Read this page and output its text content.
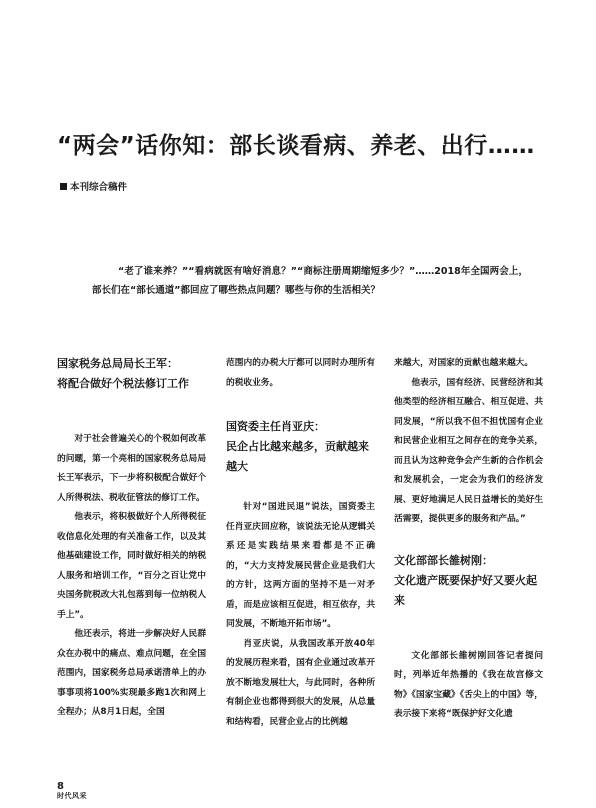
“两会”话你知：部长谈看病、养老、出行……
本刊综合稿件
“老了谁来养？”“看病就医有啥好消息？”“商标注册周期缩短多少？”……2018年全国两会上，部长们在“部长通道”都回应了哪些热点问题？哪些与你的生活相关？
国家税务总局局长王军：
将配合做好个税法修订工作

对于社会普遍关心的个税如何改革的问题，第一个亮相的国家税务总局局长王军表示，下一步将积极配合做好个人所得税法、税收征管法的修订工作。

他表示，将积极做好个人所得税征收信息化处理的有关准备工作，以及其他基础建设工作，同时做好相关的纳税人服务和培训工作，“百分之百让党中央国务院税改大礼包落到每一位纳税人手上”。

他还表示，将进一步解决好人民群众在办税中的痛点、难点问题，在全国范围内，国家税务总局承诺清单上的办事事项将100%实现最多跑1次和网上全程办；从8月1日起，全国

范围内的办税大厅都可以同时办理所有的税收业务。

国资委主任肖亚庆：
民企占比越来越多，贡献越来越大

针对“国进民退”说法，国资委主任肖亚庆回应称，该说法无论从逻辑关系还是实践结果来看都是不正确的，“大力支持发展民营企业是我们大的方针，这两方面的坚持不是一对矛盾，而是应该相互促进，相互依存，共同发展，不断地开拓市场”。

肖亚庆说，从我国改革开放40年的发展历程来看，国有企业通过改革开放不断地发展壮大，与此同时，各种所有制企业也都得到很大的发展，从总量和结构看，民营企业占的比例越

来越大，对国家的贡献也越来越大。

他表示，国有经济、民营经济和其他类型的经济相互融合、相互促进、共同发展，“所以我不但不担忧国有企业和民营企业相互之间存在的竞争关系，而且认为这种竞争会产生新的合作机会和发展机会，一定会为我们的经济发展、更好地满足人民日益增长的美好生活需要，提供更多的服务和产品。”

文化部部长雒树刚：
文化遗产既要保护好又要火起来

文化部部长雒树刚回答记者提问时，列举近年热播的《我在故宫修文物》《国家宝藏》《舌尖上的中国》等，表示接下来将“既保护好文化遗

8
时代风采
